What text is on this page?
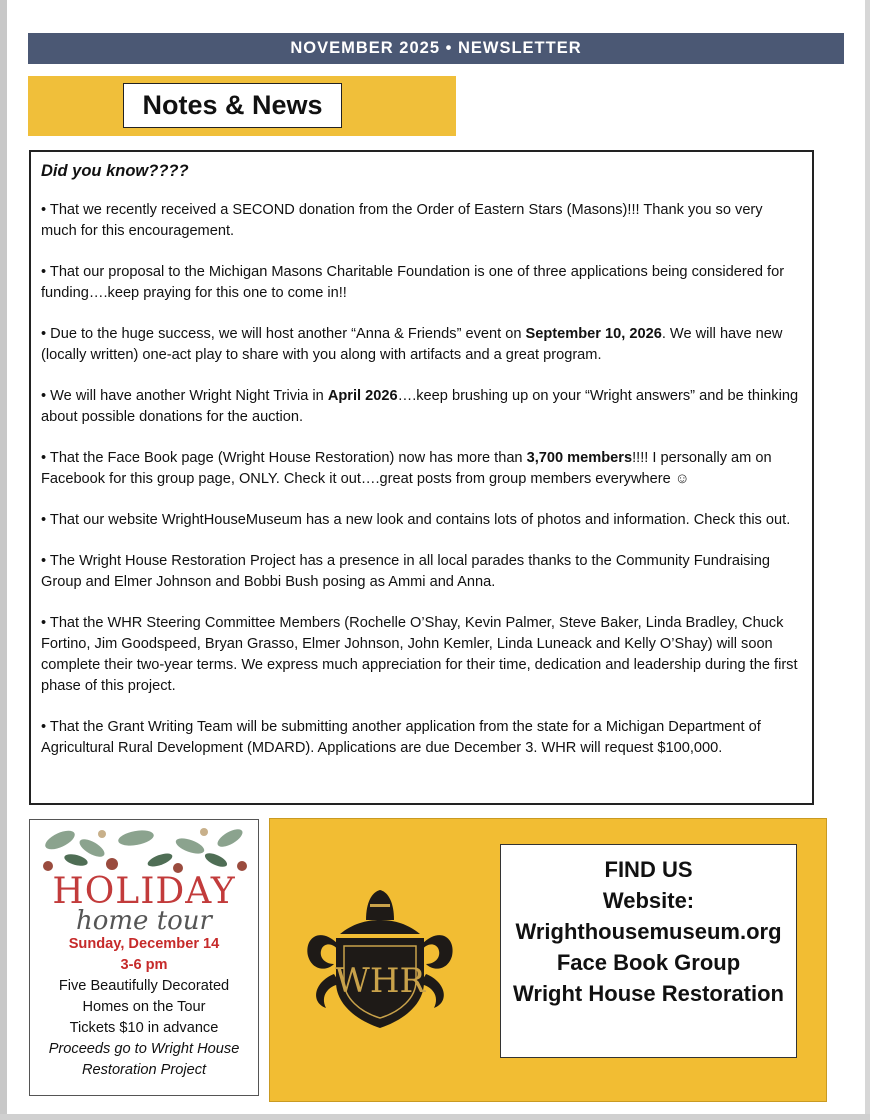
NOVEMBER 2025 • NEWSLETTER
Notes & News
Did you know????
• That we recently received a SECOND donation from the Order of Eastern Stars (Masons)!!! Thank you so very much for this encouragement.
• That our proposal to the Michigan Masons Charitable Foundation is one of three applications being considered for funding….keep praying for this one to come in!!
• Due to the huge success, we will host another “Anna & Friends” event on September 10, 2026. We will have new (locally written) one-act play to share with you along with artifacts and a great program.
• We will have another Wright Night Trivia in April 2026….keep brushing up on your “Wright answers” and be thinking about possible donations for the auction.
• That the Face Book page (Wright House Restoration) now has more than 3,700 members!!!! I personally am on Facebook for this group page, ONLY. Check it out….great posts from group members everywhere ☺
• That our website WrightHouseMuseum has a new look and contains lots of photos and information. Check this out.
• The Wright House Restoration Project has a presence in all local parades thanks to the Community Fundraising Group and Elmer Johnson and Bobbi Bush posing as Ammi and Anna.
• That the WHR Steering Committee Members (Rochelle O’Shay, Kevin Palmer, Steve Baker, Linda Bradley, Chuck Fortino, Jim Goodspeed, Bryan Grasso, Elmer Johnson, John Kemler, Linda Luneack and Kelly O’Shay) will soon complete their two-year terms. We express much appreciation for their time, dedication and leadership during the first phase of this project.
• That the Grant Writing Team will be submitting another application from the state for a Michigan Department of Agricultural Rural Development (MDARD). Applications are due December 3. WHR will request $100,000.
HOLIDAY
home tour
Sunday, December 14
3-6 pm
Five Beautifully Decorated
Homes on the Tour
Tickets $10 in advance
Proceeds go to Wright House Restoration Project
WHR
FIND US
Website:
Wrighthousemuseum.org
Face Book Group
Wright House Restoration
